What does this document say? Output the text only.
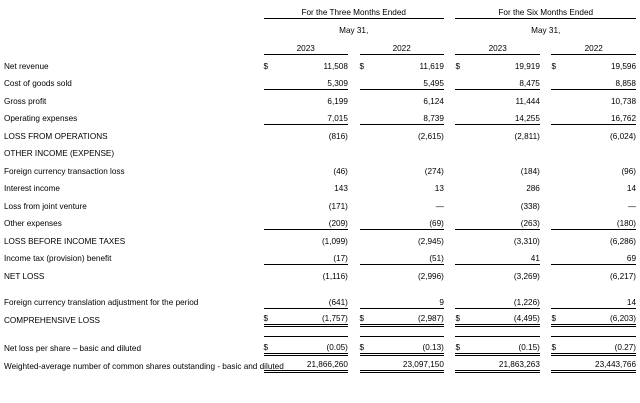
	For the Three Months Ended						For the Six Months Ended				
	May 31,						May 31,				
	2023			2022			2023			2022	
Net revenue	$	11,508		$	11,619		$	19,919		$	19,596
Cost of goods sold		5,309			5,495			8,475			8,858
Gross profit		6,199			6,124			11,444			10,738
Operating expenses		7,015			8,739			14,255			16,762
LOSS FROM OPERATIONS		(816)			(2,615)			(2,811)			(6,024)
OTHER INCOME (EXPENSE)											
Foreign currency transaction loss		(46)			(274)			(184)			(96)
Interest income		143			13			286			14
Loss from joint venture		(171)			—			(338)			—
Other expenses		(209)			(69)			(263)			(180)
LOSS BEFORE INCOME TAXES		(1,099)			(2,945)			(3,310)			(6,286)
Income tax (provision) benefit		(17)			(51)			41			69
NET LOSS		(1,116)			(2,996)			(3,269)			(6,217)

Foreign currency translation adjustment for the period		(641)			9			(1,226)			14
COMPREHENSIVE LOSS	$	(1,757)		$	(2,987)		$	(4,495)		$	(6,203)

Net loss per share – basic and diluted	$	(0.05)		$	(0.13)		$	(0.15)		$	(0.27)
Weighted-average number of common shares outstanding - basic and diluted		21,866,260			23,097,150			21,863,263			23,443,766
